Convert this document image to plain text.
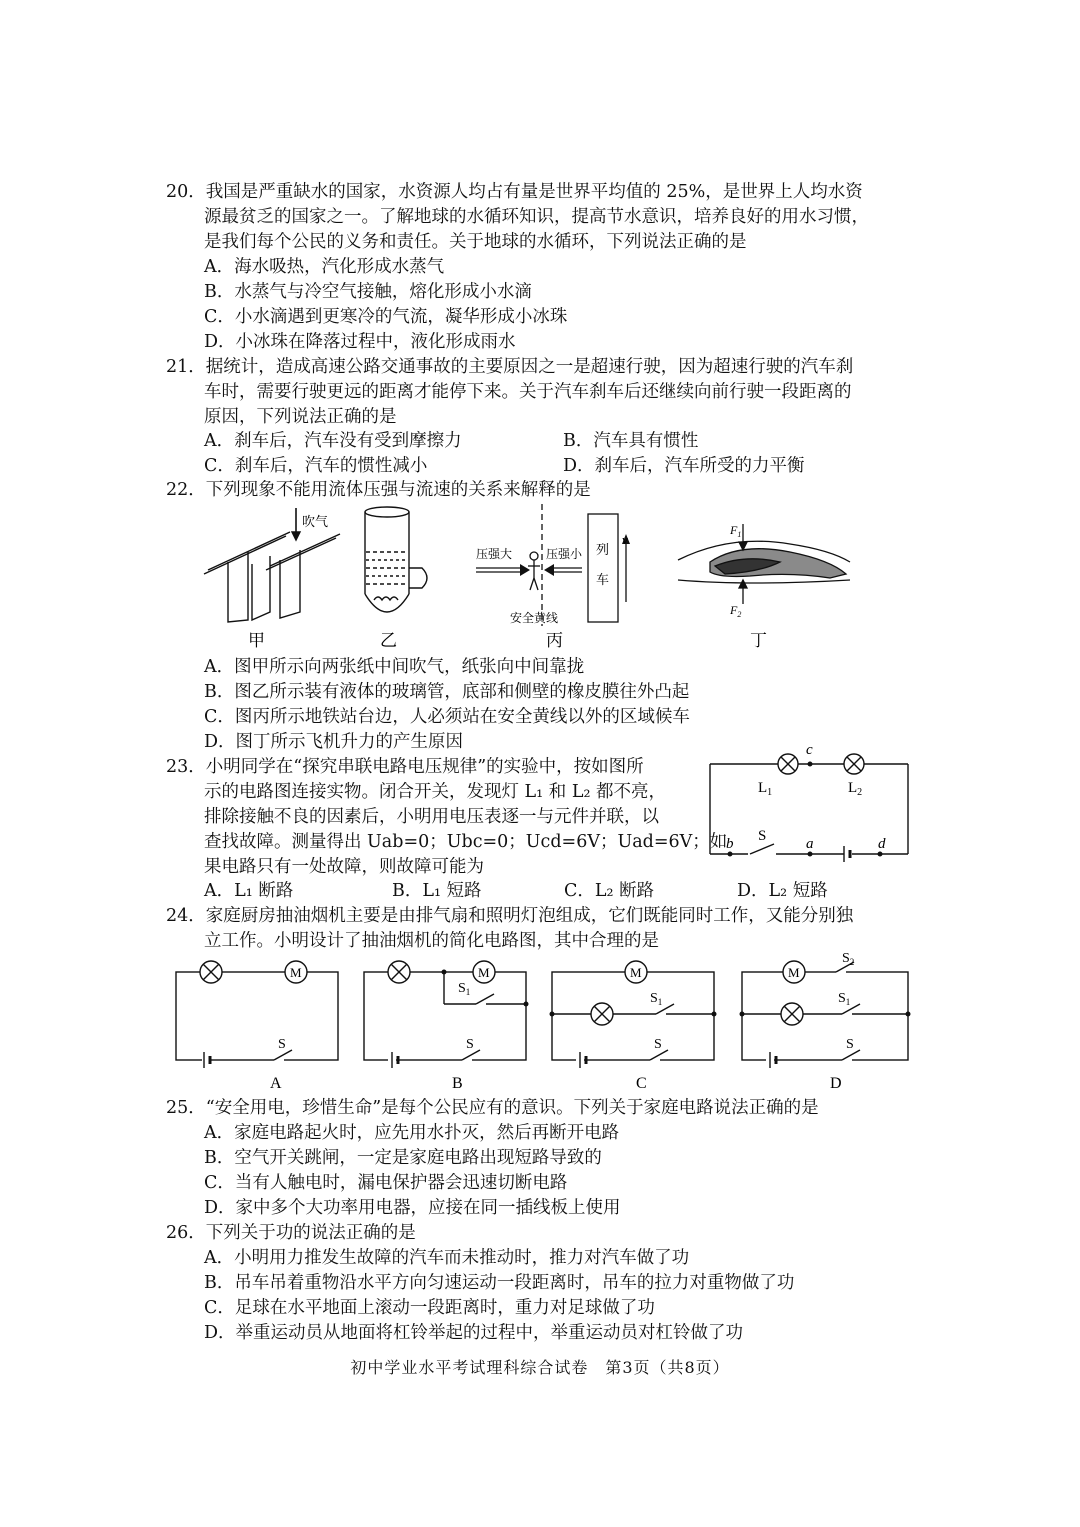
20．我国是严重缺水的国家，水资源人均占有量是世界平均值的 25%，是世界上人均水资
源最贫乏的国家之一。了解地球的水循环知识，提高节水意识，培养良好的用水习惯，
是我们每个公民的义务和责任。关于地球的水循环，下列说法正确的是
A．海水吸热，汽化形成水蒸气
B．水蒸气与冷空气接触，熔化形成小水滴
C．小水滴遇到更寒冷的气流，凝华形成小冰珠
D．小冰珠在降落过程中，液化形成雨水
21．据统计，造成高速公路交通事故的主要原因之一是超速行驶，因为超速行驶的汽车刹
车时，需要行驶更远的距离才能停下来。关于汽车刹车后还继续向前行驶一段距离的
原因，下列说法正确的是
A．刹车后，汽车没有受到摩擦力	B．汽车具有惯性
C．刹车后，汽车的惯性减小	D．刹车后，汽车所受的力平衡
22．下列现象不能用流体压强与流速的关系来解释的是
吹气
甲	乙
压强大	压强小 列
车
v
安全黄线
丙
$F_1$
$F_2$
丁
A．图甲所示向两张纸中间吹气，纸张向中间靠拢
B．图乙所示装有液体的玻璃管，底部和侧壁的橡皮膜往外凸起
C．图丙所示地铁站台边，人必须站在安全黄线以外的区域候车
D．图丁所示飞机升力的产生原因
23．小明同学在“探究串联电路电压规律”的实验中，按如图所
示的电路图连接实物。闭合开关，发现灯 L₁ 和 L₂ 都不亮，
排除接触不良的因素后，小明用电压表逐一与元件并联，以
查找故障。测量得出 Uab=0；Ubc=0；Ucd=6V；Uad=6V；如
果电路只有一处故障，则故障可能为
c
$L_1$	$L_2$
b S	a	d
A．L₁ 断路	B．L₁ 短路	C．L₂ 断路	D．L₂ 短路
24．家庭厨房抽油烟机主要是由排气扇和照明灯泡组成，它们既能同时工作，又能分别独
立工作。小明设计了抽油烟机的简化电路图，其中合理的是
M	M	M	M
S	S	S	S
$S_1$	$S_1$	$S_1$
$S_2$
A	B	C	D
25．“安全用电，珍惜生命”是每个公民应有的意识。下列关于家庭电路说法正确的是
A．家庭电路起火时，应先用水扑灭，然后再断开电路
B．空气开关跳闸，一定是家庭电路出现短路导致的
C．当有人触电时，漏电保护器会迅速切断电路
D．家中多个大功率用电器，应接在同一插线板上使用
26．下列关于功的说法正确的是
A．小明用力推发生故障的汽车而未推动时，推力对汽车做了功
B．吊车吊着重物沿水平方向匀速运动一段距离时，吊车的拉力对重物做了功
C．足球在水平地面上滚动一段距离时，重力对足球做了功
D．举重运动员从地面将杠铃举起的过程中，举重运动员对杠铃做了功
初中学业水平考试理科综合试卷　第3页（共8页）
